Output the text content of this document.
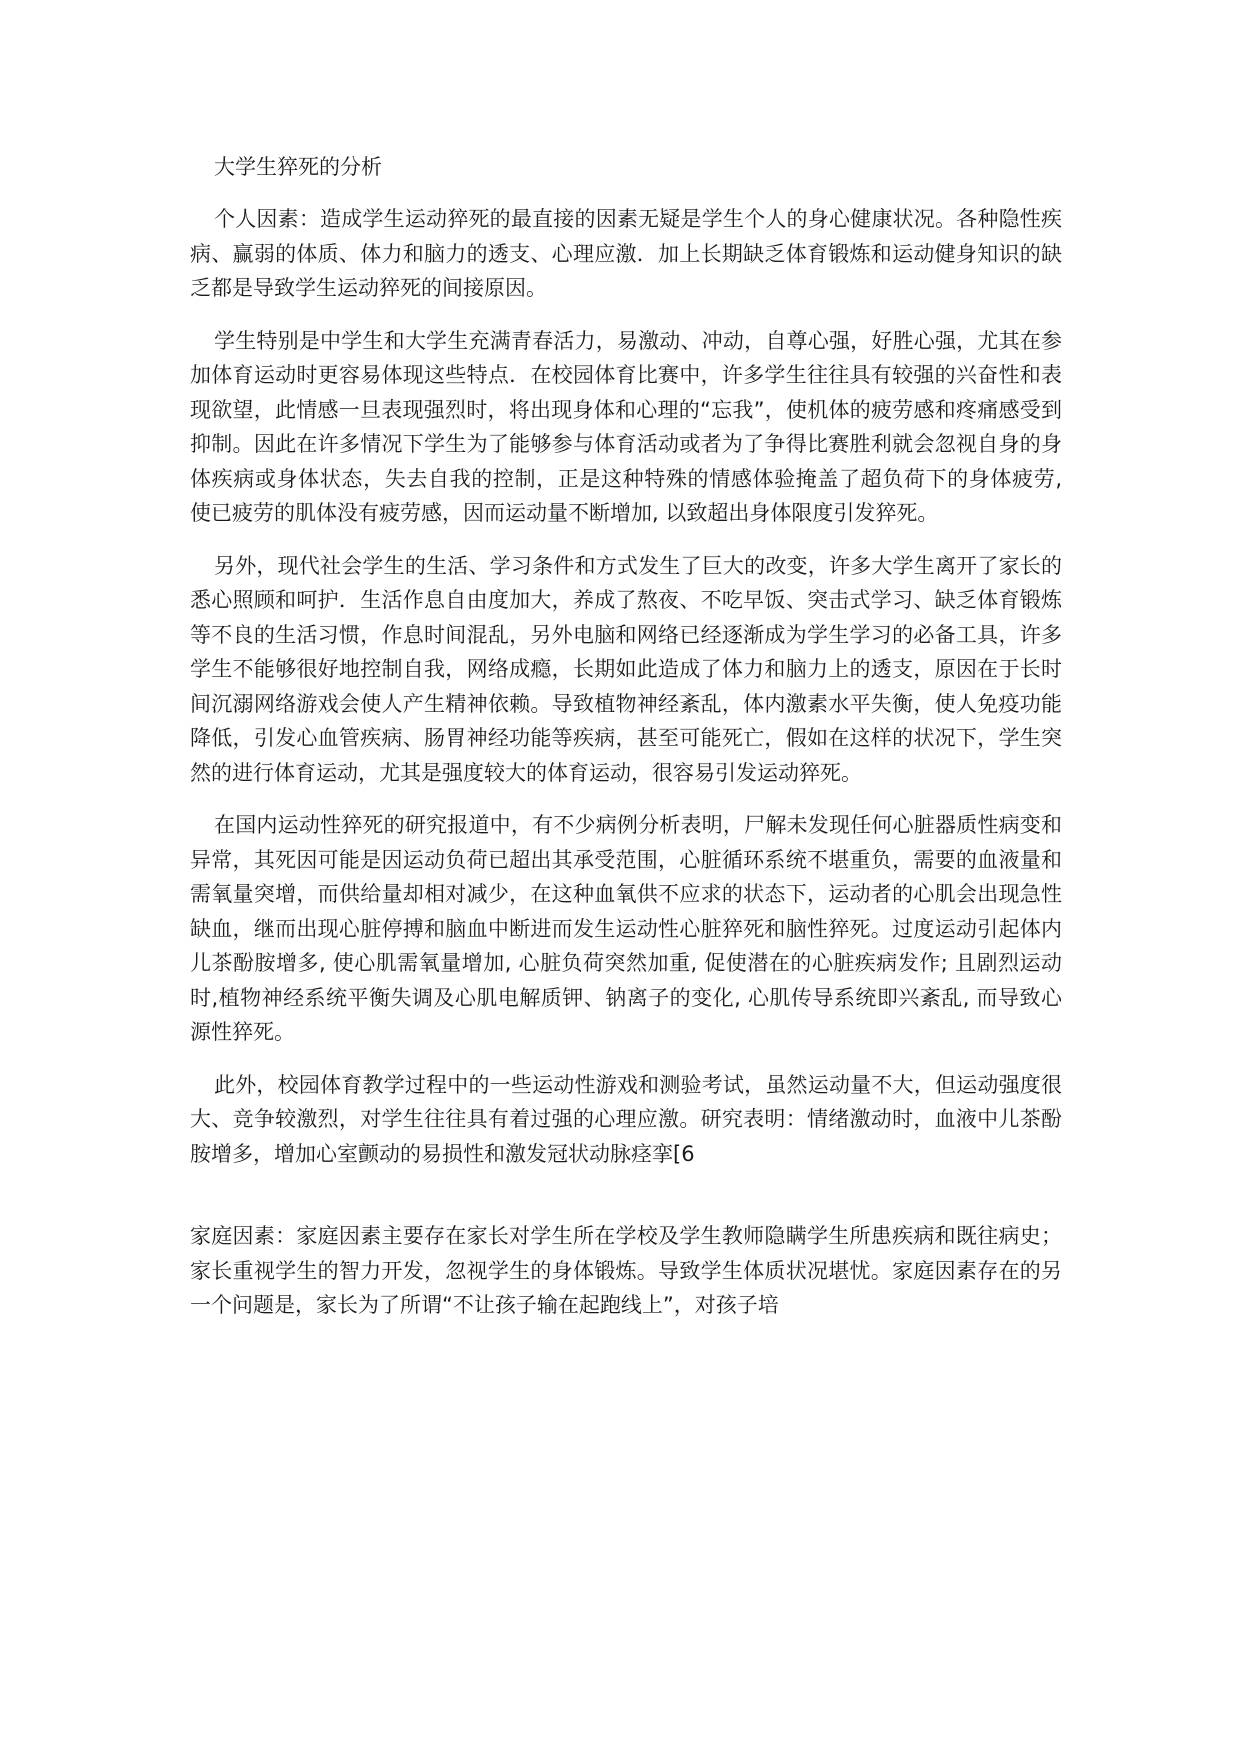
大学生猝死的分析

个人因素：造成学生运动猝死的最直接的因素无疑是学生个人的身心健康状况。各种隐性疾病、赢弱的体质、体力和脑力的透支、心理应激．加上长期缺乏体育锻炼和运动健身知识的缺乏都是导致学生运动猝死的间接原因。

学生特别是中学生和大学生充满青春活力，易激动、冲动，自尊心强，好胜心强，尤其在参加体育运动时更容易体现这些特点．在校园体育比赛中，许多学生往往具有较强的兴奋性和表现欲望，此情感一旦表现强烈时，将出现身体和心理的“忘我”，使机体的疲劳感和疼痛感受到抑制。因此在许多情况下学生为了能够参与体育活动或者为了争得比赛胜利就会忽视自身的身体疾病或身体状态，失去自我的控制，正是这种特殊的情感体验掩盖了超负荷下的身体疲劳, 使已疲劳的肌体没有疲劳感，因而运动量不断增加, 以致超出身体限度引发猝死。

另外，现代社会学生的生活、学习条件和方式发生了巨大的改变，许多大学生离开了家长的悉心照顾和呵护．生活作息自由度加大，养成了熬夜、不吃早饭、突击式学习、缺乏体育锻炼等不良的生活习惯，作息时间混乱，另外电脑和网络已经逐渐成为学生学习的必备工具，许多学生不能够很好地控制自我，网络成瘾，长期如此造成了体力和脑力上的透支，原因在于长时间沉溺网络游戏会使人产生精神依赖。导致植物神经紊乱，体内激素水平失衡，使人免疫功能降低，引发心血管疾病、肠胃神经功能等疾病，甚至可能死亡，假如在这样的状况下，学生突然的进行体育运动，尤其是强度较大的体育运动，很容易引发运动猝死。

在国内运动性猝死的研究报道中，有不少病例分析表明，尸解未发现任何心脏器质性病变和异常，其死因可能是因运动负荷已超出其承受范围，心脏循环系统不堪重负，需要的血液量和需氧量突增，而供给量却相对减少，在这种血氧供不应求的状态下，运动者的心肌会出现急性缺血，继而出现心脏停搏和脑血中断进而发生运动性心脏猝死和脑性猝死。过度运动引起体内儿茶酚胺增多, 使心肌需氧量增加, 心脏负荷突然加重, 促使潜在的心脏疾病发作; 且剧烈运动时,植物神经系统平衡失调及心肌电解质钾、钠离子的变化, 心肌传导系统即兴紊乱, 而导致心源性猝死。

此外，校园体育教学过程中的一些运动性游戏和测验考试，虽然运动量不大，但运动强度很大、竞争较激烈，对学生往往具有着过强的心理应激。研究表明：情绪激动时，血液中儿茶酚胺增多，增加心室颤动的易损性和激发冠状动脉痉挛[6

家庭因素：家庭因素主要存在家长对学生所在学校及学生教师隐瞒学生所患疾病和既往病史；家长重视学生的智力开发，忽视学生的身体锻炼。导致学生体质状况堪忧。家庭因素存在的另一个问题是，家长为了所谓“不让孩子输在起跑线上”，对孩子培
